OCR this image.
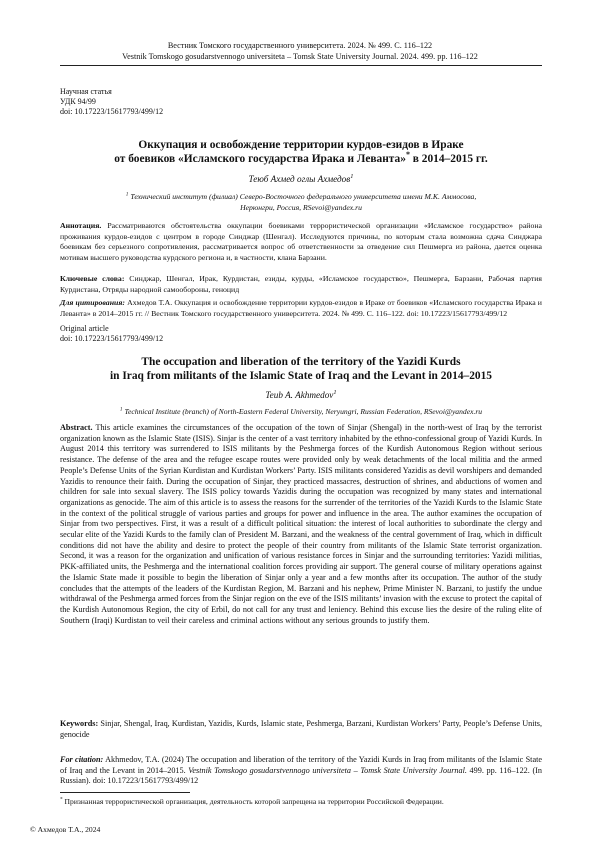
Вестник Томского государственного университета. 2024. № 499. С. 116–122
Vestnik Tomskogo gosudarstvennogo universiteta – Tomsk State University Journal. 2024. 499. pp. 116–122
Научная статья
УДК 94/99
doi: 10.17223/15617793/499/12
Оккупация и освобождение территории курдов-езидов в Ираке
от боевиков «Исламского государства Ирака и Леванта»* в 2014–2015 гг.
Теюб Ахмед оглы Ахмедов$^1$
$^1$ Технический институт (филиал) Северо-Восточного федерального университета имени М.К. Аммосова,
Нерюнгри, Россия, RSevoi@yandex.ru
Аннотация. Рассматриваются обстоятельства оккупации боевиками террористической организации «Исламское государство» района проживания курдов-езидов с центром в городе Синджар (Шенгал). Исследуются причины, по которым стала возможна сдача Синджара боевикам без серьезного сопротивления, рассматривается вопрос об ответственности за отведение сил Пешмерга из района, дается оценка мотивам высшего руководства курдского региона и, в частности, клана Барзани.
Ключевые слова: Синджар, Шенгал, Ирак, Курдистан, езиды, курды, «Исламское государство», Пешмерга, Барзани, Рабочая партия Курдистана, Отряды народной самообороны, геноцид
Для цитирования: Ахмедов Т.А. Оккупация и освобождение территории курдов-езидов в Ираке от боевиков «Исламского государства Ирака и Леванта» в 2014–2015 гг. // Вестник Томского государственного университета. 2024. № 499. С. 116–122. doi: 10.17223/15617793/499/12
Original article
doi: 10.17223/15617793/499/12
The occupation and liberation of the territory of the Yazidi Kurds
in Iraq from militants of the Islamic State of Iraq and the Levant in 2014–2015
Teub A. Akhmedov$^1$
$^1$ Technical Institute (branch) of North-Eastern Federal University, Neryungri, Russian Federation, RSevoi@yandex.ru
Abstract. This article examines the circumstances of the occupation of the town of Sinjar (Shengal) in the north-west of Iraq by the terrorist organization known as the Islamic State (ISIS). Sinjar is the center of a vast territory inhabited by the ethno-confessional group of Yazidi Kurds. In August 2014 this territory was surrendered to ISIS militants by the Peshmerga forces of the Kurdish Autonomous Region without serious resistance. The defense of the area and the refugee escape routes were provided only by weak detachments of the local militia and the armed People’s Defense Units of the Syrian Kurdistan and Kurdistan Workers’ Party. ISIS militants considered Yazidis as devil worshipers and demanded Yazidis to renounce their faith. During the occupation of Sinjar, they practiced massacres, destruction of shrines, and abductions of women and children for sale into sexual slavery. The ISIS policy towards Yazidis during the occupation was recognized by many states and international organizations as genocide. The aim of this article is to assess the reasons for the surrender of the territories of the Yazidi Kurds to the Islamic State in the context of the political struggle of various parties and groups for power and influence in the area. The author examines the occupation of Sinjar from two perspectives. First, it was a result of a difficult political situation: the interest of local authorities to subordinate the clergy and secular elite of the Yazidi Kurds to the family clan of President M. Barzani, and the weakness of the central government of Iraq, which in difficult conditions did not have the ability and desire to protect the people of their country from militants of the Islamic State terrorist organization. Second, it was a reason for the organization and unification of various resistance forces in Sinjar and the surrounding territories: Yazidi militias, PKK-affiliated units, the Peshmerga and the international coalition forces providing air support. The general course of military operations against the Islamic State made it possible to begin the liberation of Sinjar only a year and a few months after its occupation. The author of the study concludes that the attempts of the leaders of the Kurdistan Region, M. Barzani and his nephew, Prime Minister N. Barzani, to justify the undue withdrawal of the Peshmerga armed forces from the Sinjar region on the eve of the ISIS militants’ invasion with the excuse to protect the capital of the Kurdish Autonomous Region, the city of Erbil, do not call for any trust and leniency. Behind this excuse lies the desire of the ruling elite of Southern (Iraqi) Kurdistan to veil their careless and criminal actions without any serious grounds to justify them.
Keywords: Sinjar, Shengal, Iraq, Kurdistan, Yazidis, Kurds, Islamic state, Peshmerga, Barzani, Kurdistan Workers’ Party, People’s Defense Units, genocide
For citation: Akhmedov, T.A. (2024) The occupation and liberation of the territory of the Yazidi Kurds in Iraq from militants of the Islamic State of Iraq and the Levant in 2014–2015. Vestnik Tomskogo gosudarstvennogo universiteta – Tomsk State University Journal. 499. pp. 116–122. (In Russian). doi: 10.17223/15617793/499/12
* Признанная террористической организация, деятельность которой запрещена на территории Российской Федерации.
© Ахмедов Т.А., 2024
